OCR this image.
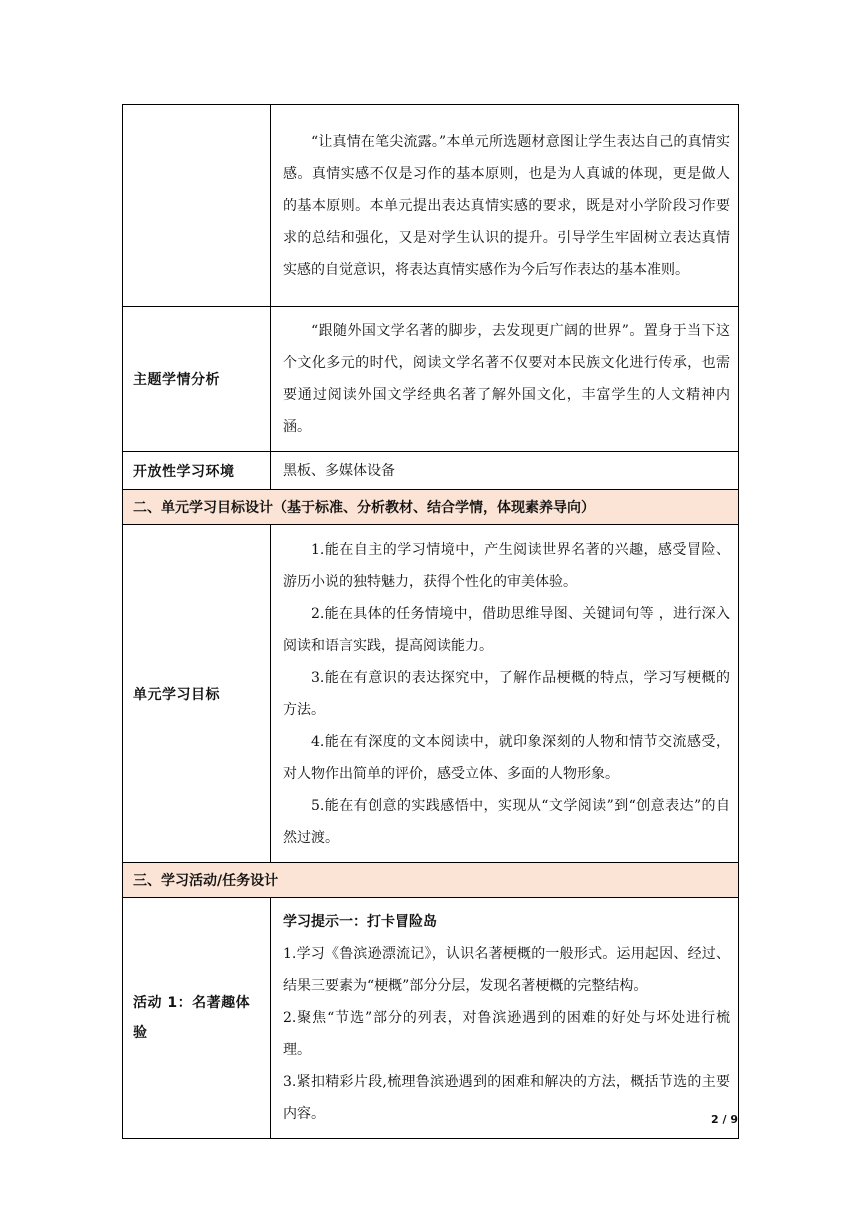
	“让真情在笔尖流露。”本单元所选题材意图让学生表达自己的真情实感。真情实感不仅是习作的基本原则，也是为人真诚的体现，更是做人的基本原则。本单元提出表达真情实感的要求，既是对小学阶段习作要求的总结和强化，又是对学生认识的提升。引导学生牢固树立表达真情实感的自觉意识，将表达真情实感作为今后写作表达的基本准则。

主题学情分析	“跟随外国文学名著的脚步，去发现更广阔的世界”。置身于当下这个文化多元的时代，阅读文学名著不仅要对本民族文化进行传承，也需要通过阅读外国文学经典名著了解外国文化，丰富学生的人文精神内涵。

开放性学习环境	黑板、多媒体设备

二、单元学习目标设计（基于标准、分析教材、结合学情，体现素养导向）	
单元学习目标	1.能在自主的学习情境中，产生阅读世界名著的兴趣，感受冒险、游历小说的独特魅力，获得个性化的审美体验。

2.能在具体的任务情境中，借助思维导图、关键词句等 ，进行深入阅读和语言实践，提高阅读能力。

3.能在有意识的表达探究中，了解作品梗概的特点，学习写梗概的方法。

4.能在有深度的文本阅读中，就印象深刻的人物和情节交流感受，对人物作出简单的评价，感受立体、多面的人物形象。

5.能在有创意的实践感悟中，实现从“文学阅读”到“创意表达”的自然过渡。

三、学习活动/任务设计	
活动 1：名著趣体验	学习提示一：打卡冒险岛

1.学习《鲁滨逊漂流记》，认识名著梗概的一般形式。运用起因、经过、结果三要素为“梗概”部分分层，发现名著梗概的完整结构。

2.聚焦“节选”部分的列表，对鲁滨逊遇到的困难的好处与坏处进行梳理。

3.紧扣精彩片段,梳理鲁滨逊遇到的困难和解决的方法，概括节选的主要内容。	2 / 9
